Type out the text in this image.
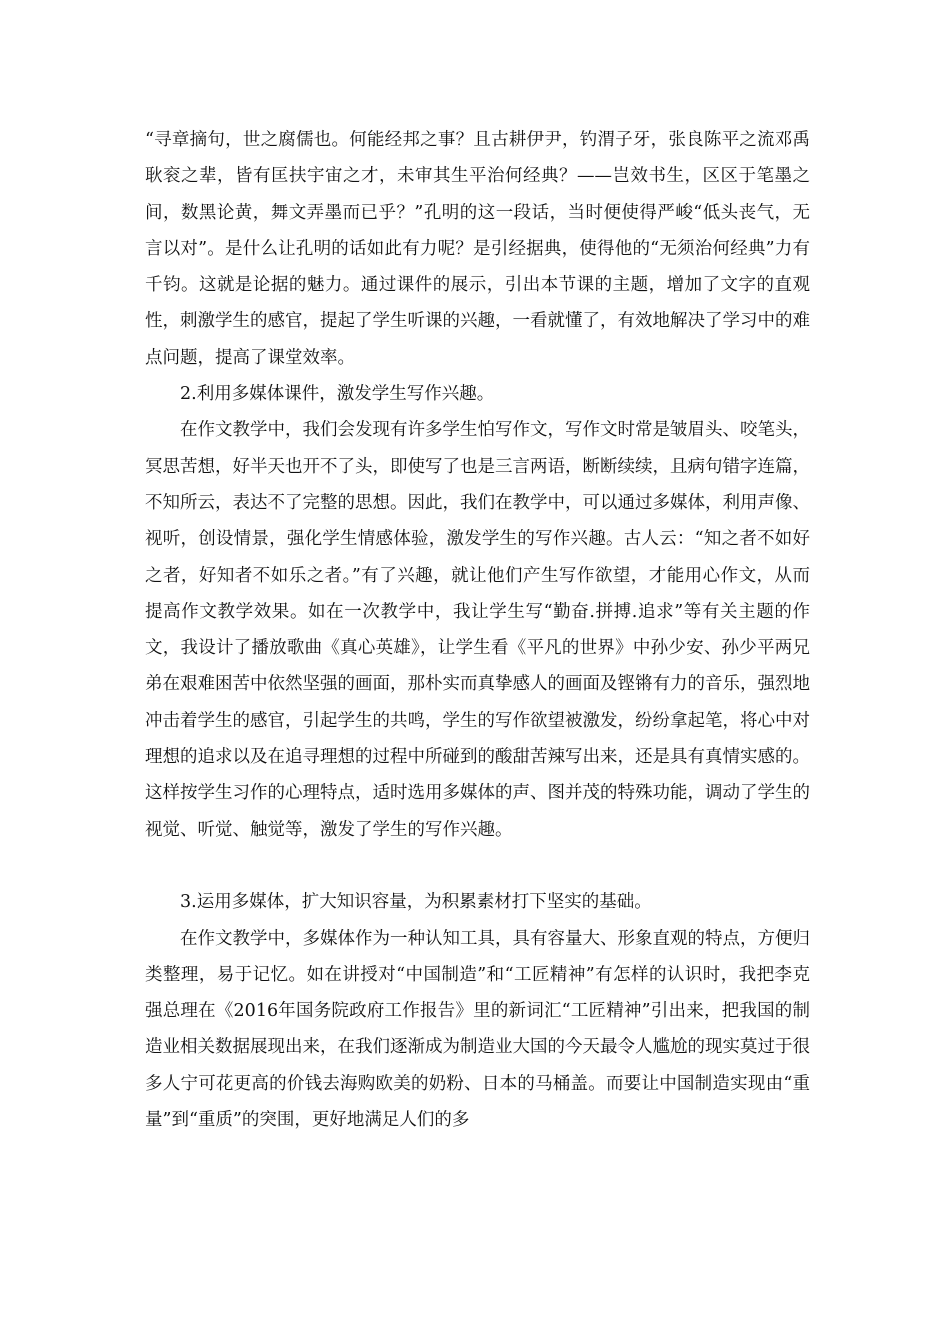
“寻章摘句，世之腐儒也。何能经邦之事？且古耕伊尹，钓渭子牙，张良陈平之流邓禹耿衮之辈，皆有匡扶宇宙之才，未审其生平治何经典？——岂效书生，区区于笔墨之间，数黑论黄，舞文弄墨而已乎？”孔明的这一段话，当时便使得严峻“低头丧气，无言以对”。是什么让孔明的话如此有力呢？是引经据典，使得他的“无须治何经典”力有千钧。这就是论据的魅力。通过课件的展示，引出本节课的主题，增加了文字的直观性，刺激学生的感官，提起了学生听课的兴趣，一看就懂了，有效地解决了学习中的难点问题，提高了课堂效率。

2.利用多媒体课件，激发学生写作兴趣。

在作文教学中，我们会发现有许多学生怕写作文，写作文时常是皱眉头、咬笔头，冥思苦想，好半天也开不了头，即使写了也是三言两语，断断续续，且病句错字连篇，不知所云，表达不了完整的思想。因此，我们在教学中，可以通过多媒体，利用声像、视听，创设情景，强化学生情感体验，激发学生的写作兴趣。古人云：“知之者不如好之者，好知者不如乐之者。”有了兴趣，就让他们产生写作欲望，才能用心作文，从而提高作文教学效果。如在一次教学中，我让学生写“勤奋.拼搏.追求”等有关主题的作文，我设计了播放歌曲《真心英雄》，让学生看《平凡的世界》中孙少安、孙少平两兄弟在艰难困苦中依然坚强的画面，那朴实而真挚感人的画面及铿锵有力的音乐，强烈地冲击着学生的感官，引起学生的共鸣，学生的写作欲望被激发，纷纷拿起笔，将心中对理想的追求以及在追寻理想的过程中所碰到的酸甜苦辣写出来，还是具有真情实感的。这样按学生习作的心理特点，适时选用多媒体的声、图并茂的特殊功能，调动了学生的视觉、听觉、触觉等，激发了学生的写作兴趣。

3.运用多媒体，扩大知识容量，为积累素材打下坚实的基础。

在作文教学中，多媒体作为一种认知工具，具有容量大、形象直观的特点，方便归类整理，易于记忆。如在讲授对“中国制造”和“工匠精神”有怎样的认识时，我把李克强总理在《2016年国务院政府工作报告》里的新词汇“工匠精神”引出来，把我国的制造业相关数据展现出来，在我们逐渐成为制造业大国的今天最令人尴尬的现实莫过于很多人宁可花更高的价钱去海购欧美的奶粉、日本的马桶盖。而要让中国制造实现由“重量”到“重质”的突围，更好地满足人们的多
